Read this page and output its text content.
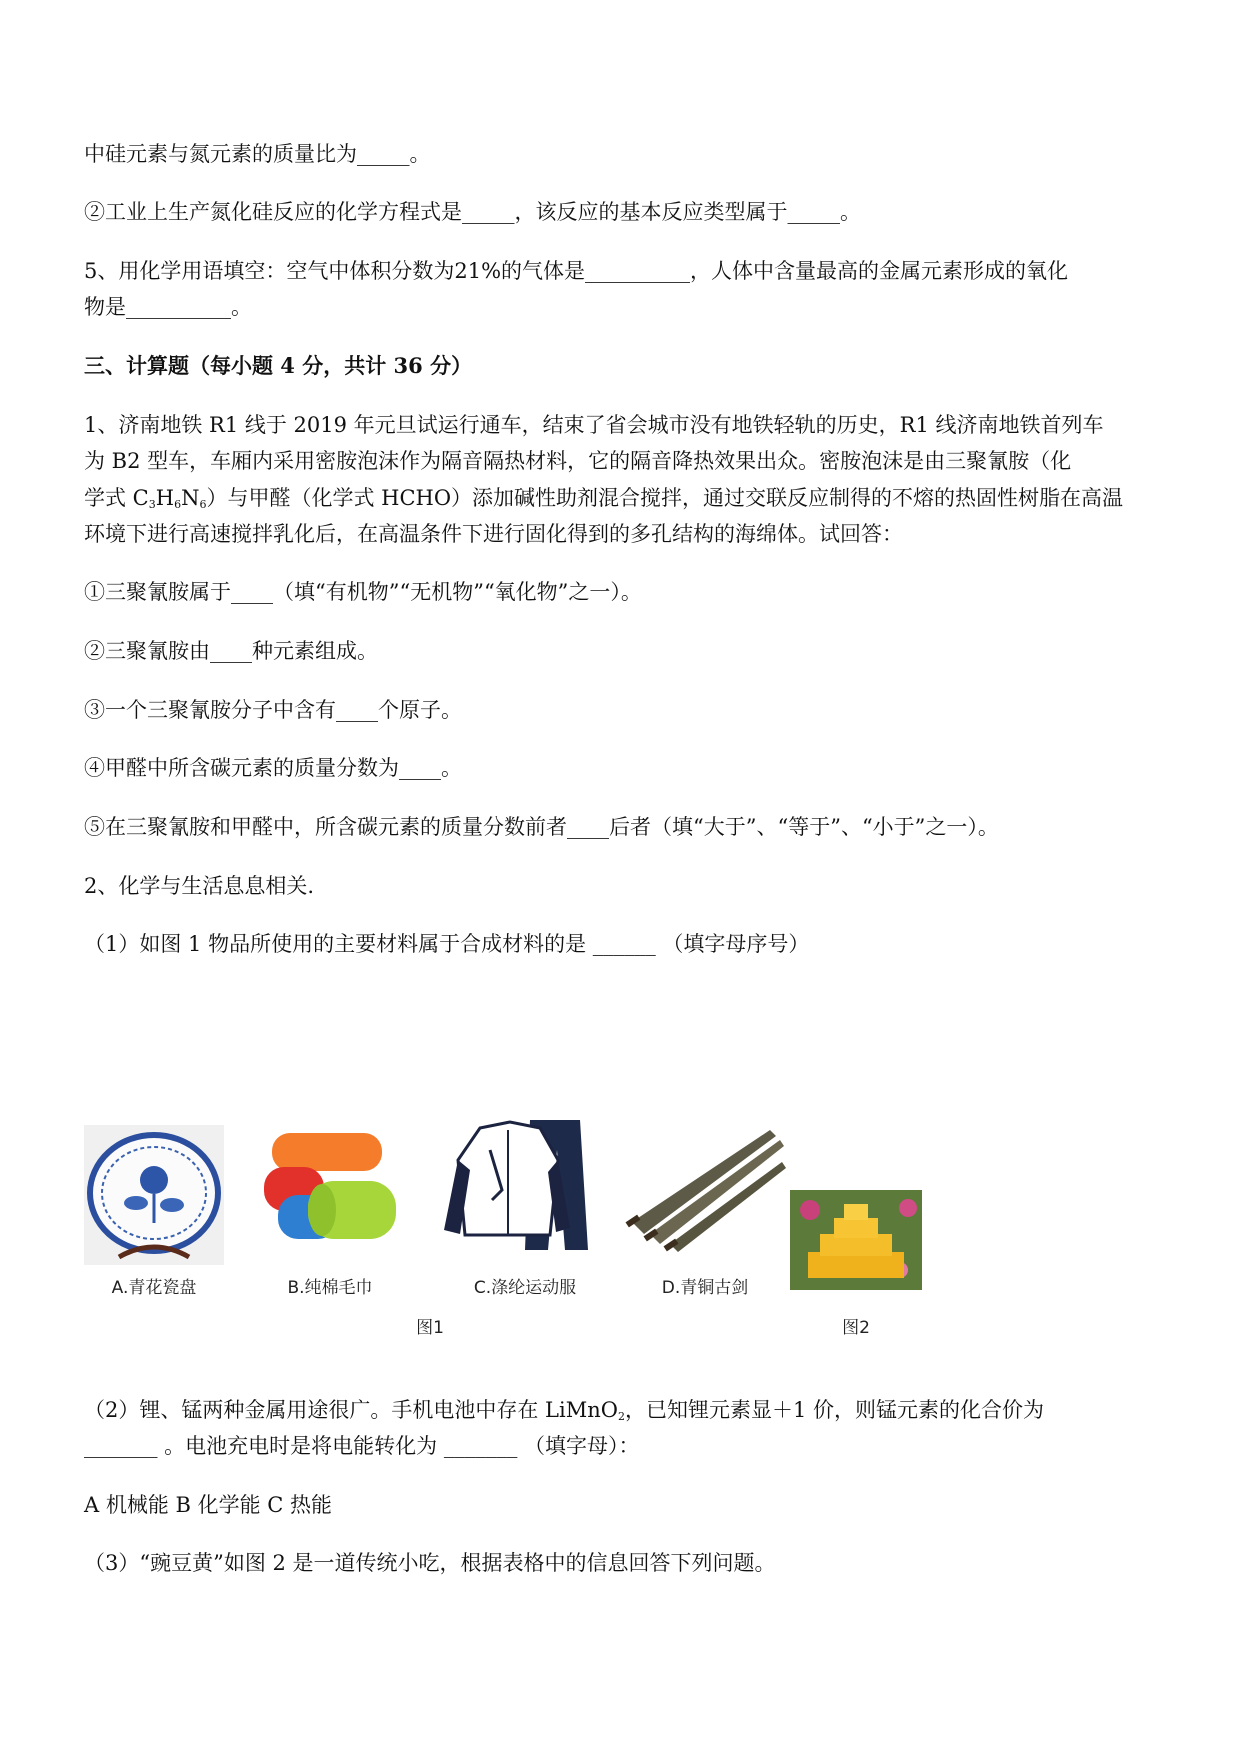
中硅元素与氮元素的质量比为_____。
②工业上生产氮化硅反应的化学方程式是_____，该反应的基本反应类型属于_____。
5、用化学用语填空：空气中体积分数为21%的气体是__________，人体中含量最高的金属元素形成的氧化
物是__________。
三、计算题（每小题 4 分，共计 36 分）
1、济南地铁 R1 线于 2019 年元旦试运行通车，结束了省会城市没有地铁轻轨的历史，R1 线济南地铁首列车
为 B2 型车，车厢内采用密胺泡沫作为隔音隔热材料，它的隔音降热效果出众。密胺泡沫是由三聚氰胺（化
学式 $C_3H_6N_6$）与甲醛（化学式 HCHO）添加碱性助剂混合搅拌，通过交联反应制得的不熔的热固性树脂在高温
环境下进行高速搅拌乳化后，在高温条件下进行固化得到的多孔结构的海绵体。试回答：
①三聚氰胺属于____（填“有机物”“无机物”“氧化物”之一）。
②三聚氰胺由____种元素组成。
③一个三聚氰胺分子中含有____个原子。
④甲醛中所含碳元素的质量分数为____。
⑤在三聚氰胺和甲醛中，所含碳元素的质量分数前者____后者（填“大于”、“等于”、“小于”之一）。
2、化学与生活息息相关.
（1）如图 1 物品所使用的主要材料属于合成材料的是 ______ （填字母序号）
A.青花瓷盘	B.纯棉毛巾	C.涤纶运动服	D.青铜古剑
图1	图2
（2）锂、锰两种金属用途很广。手机电池中存在 LiMnO$_2$，已知锂元素显＋1 价，则锰元素的化合价为
_______ 。电池充电时是将电能转化为 _______ （填字母）：
A 机械能 B 化学能 C 热能
（3）“豌豆黄”如图 2 是一道传统小吃，根据表格中的信息回答下列问题。
